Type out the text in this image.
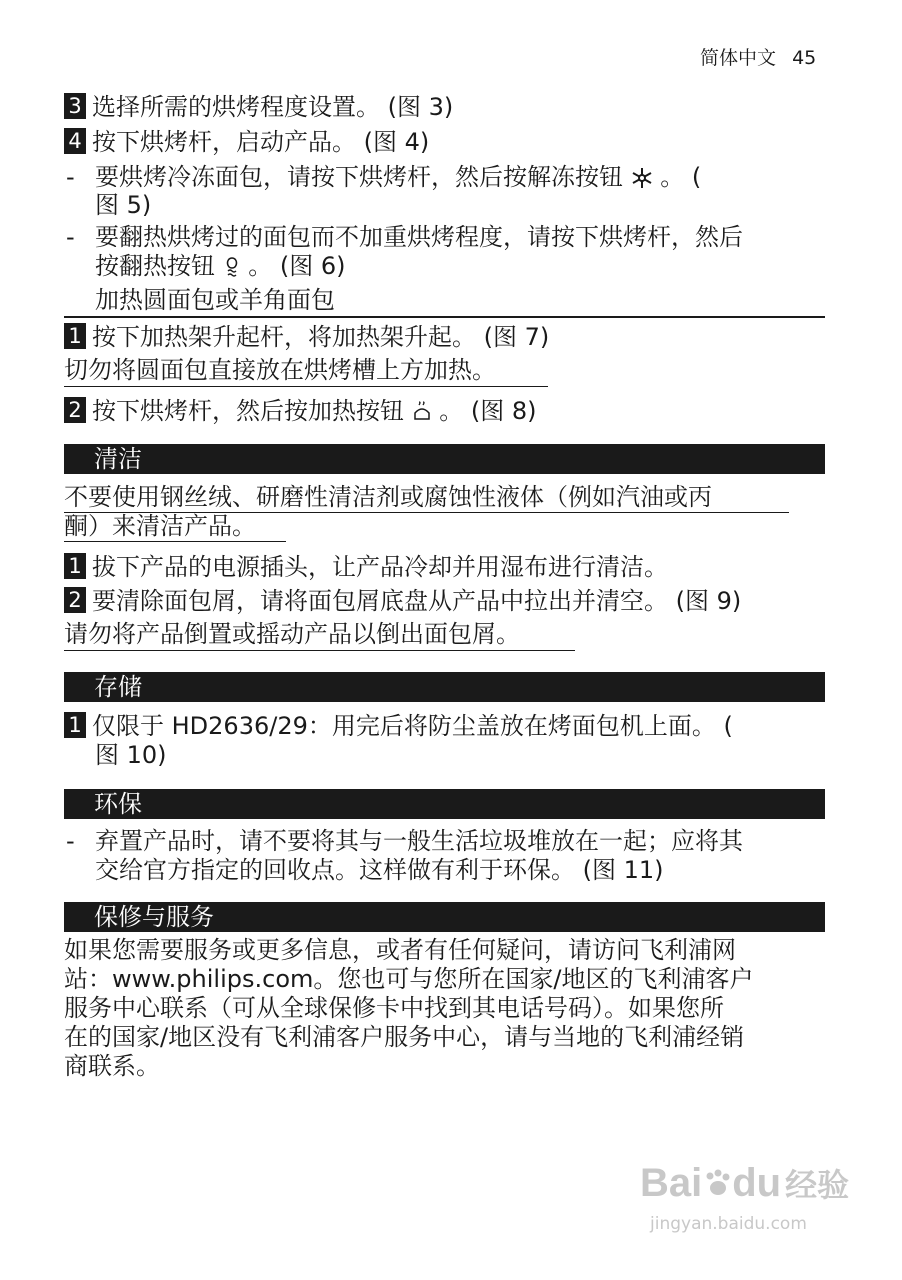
简体中文 45
3 选择所需的烘烤程度设置。 (图 3)
4 按下烘烤杆，启动产品。 (图 4)
- 要烘烤冷冻面包，请按下烘烤杆，然后按解冻按钮 。 (
图 5)
- 要翻热烘烤过的面包而不加重烘烤程度，请按下烘烤杆，然后
按翻热按钮 。 (图 6)
加热圆面包或羊角面包
1 按下加热架升起杆，将加热架升起。 (图 7)
切勿将圆面包直接放在烘烤槽上方加热。
2 按下烘烤杆，然后按加热按钮 。 (图 8)
清洁
不要使用钢丝绒、研磨性清洁剂或腐蚀性液体（例如汽油或丙
酮）来清洁产品。
1 拔下产品的电源插头，让产品冷却并用湿布进行清洁。
2 要清除面包屑，请将面包屑底盘从产品中拉出并清空。 (图 9)
请勿将产品倒置或摇动产品以倒出面包屑。
存储
1 仅限于 HD2636/29：用完后将防尘盖放在烤面包机上面。 (
图 10)
环保
- 弃置产品时，请不要将其与一般生活垃圾堆放在一起；应将其
交给官方指定的回收点。这样做有利于环保。 (图 11)
保修与服务
如果您需要服务或更多信息，或者有任何疑问，请访问飞利浦网
站：www.philips.com。您也可与您所在国家/地区的飞利浦客户
服务中心联系（可从全球保修卡中找到其电话号码）。如果您所
在的国家/地区没有飞利浦客户服务中心，请与当地的飞利浦经销
商联系。
Bai du 经验
jingyan.baidu.com
